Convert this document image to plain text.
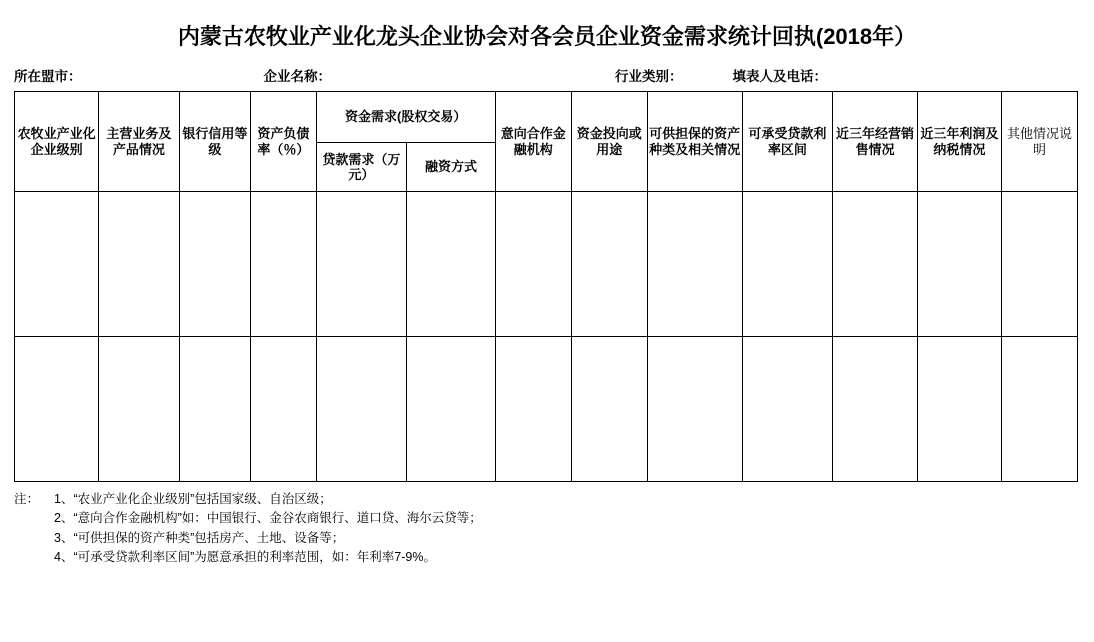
内蒙古农牧业产业化龙头企业协会对各会员企业资金需求统计回执(2018年）
所在盟市：	企业名称：	行业类别：	填表人及电话：
农牧业产业化企业级别	主营业务及产品情况	银行信用等级	资产负债率（％）	资金需求(股权交易）		意向合作金融机构	资金投向或用途	可供担保的资产种类及相关情况	可承受贷款利率区间	近三年经营销售情况	近三年利润及纳税情况	其他情况说明
				贷款需求（万元）	融资方式							

注： 1、“农业产业化企业级别”包括国家级、自治区级；
2、“意向合作金融机构”如：中国银行、金谷农商银行、道口贷、海尔云贷等；
3、“可供担保的资产种类”包括房产、土地、设备等；
4、“可承受贷款利率区间”为愿意承担的利率范围，如：年利率7-9%。
